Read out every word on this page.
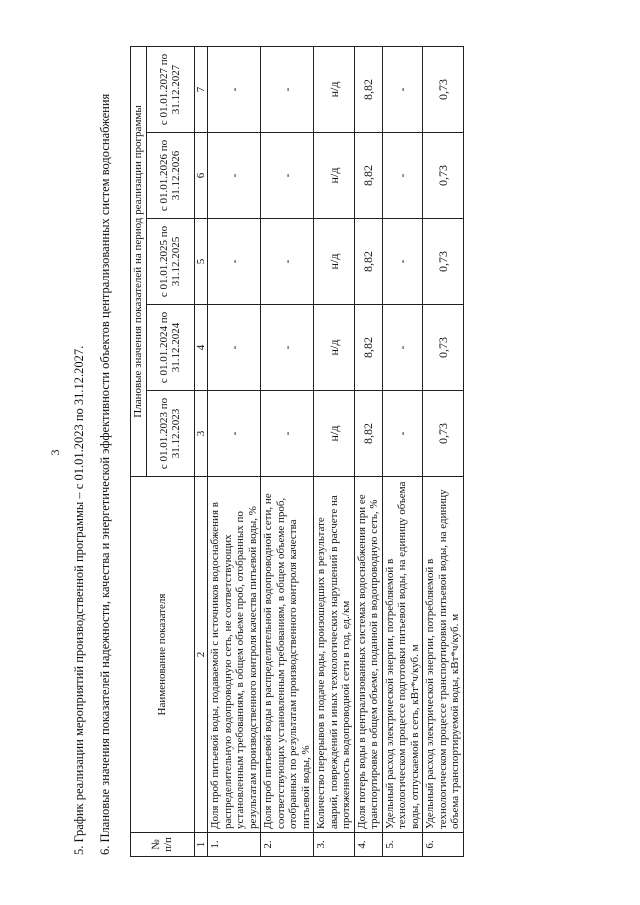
3 5. График реализации мероприятий производственной программы – с 01.01.2023 по 31.12.2027. 6. Плановые значения показателей надежности, качества и энергетической эффективности объектов централизованных систем водоснабжения	№ п/п	Наименование показателя	Плановые значения показателей на период реализации программы				
		с 01.01.2023 по 31.12.2023	с 01.01.2024 по 31.12.2024	с 01.01.2025 по 31.12.2025	с 01.01.2026 по 31.12.2026	с 01.01.2027 по 31.12.2027
1	2	3	4	5	6	7
1.	Доля проб питьевой воды, подаваемой с источников водоснабжения в распределительную водопроводную сеть, не соответствующих установленным требованиям, в общем объеме проб, отобранных по результатам производственного контроля качества питьевой воды, %	-	-	-	-	-
2.	Доля проб питьевой воды в распределительной водопроводной сети, не соответствующих установленным требованиям, в общем объеме проб, отобранных по результатам производственного контроля качества питьевой воды, %	-	-	-	-	-
3.	Количество перерывов в подаче воды, произошедших в результате аварий, повреждений и иных технологических нарушений в расчете на протяженность водопроводной сети в год, ед./км	н/д	н/д	н/д	н/д	н/д
4.	Доля потерь воды в централизованных системах водоснабжения при ее транспортировке в общем объеме, поданной в водопроводную сеть, %	8,82	8,82	8,82	8,82	8,82
5.	Удельный расход электрической энергии, потребляемой в технологическом процессе подготовки питьевой воды, на единицу объема воды, отпускаемой в сеть, кВт*ч/куб. м	-	-	-	-	-
6.	Удельный расход электрической энергии, потребляемой в технологическом процессе транспортировки питьевой воды, на единицу объема транспортируемой воды, кВт*ч/куб. м	0,73	0,73	0,73	0,73	0,73
